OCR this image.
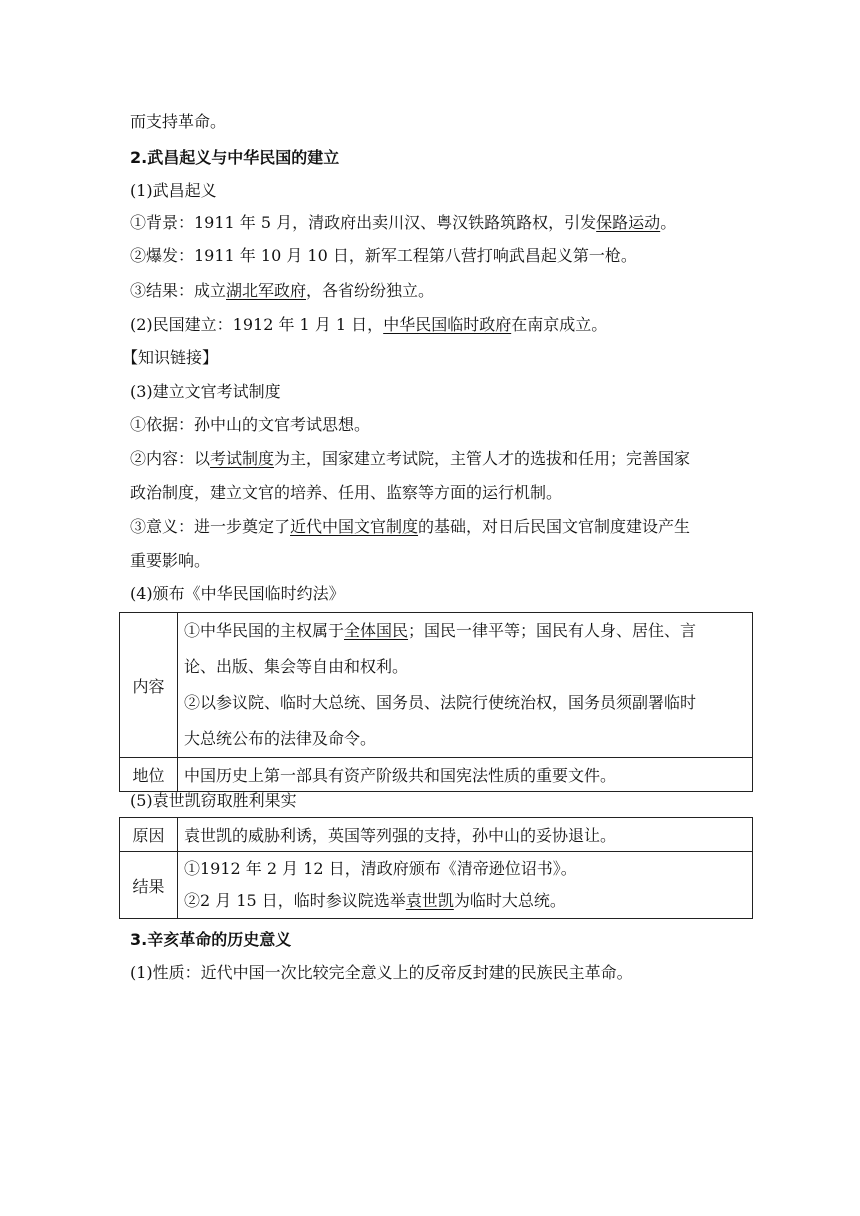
而支持革命。
2.武昌起义与中华民国的建立
(1)武昌起义
①背景：1911 年 5 月，清政府出卖川汉、粤汉铁路筑路权，引发保路运动。
②爆发：1911 年 10 月 10 日，新军工程第八营打响武昌起义第一枪。
③结果：成立湖北军政府，各省纷纷独立。
(2)民国建立：1912 年 1 月 1 日，中华民国临时政府在南京成立。
【知识链接】
(3)建立文官考试制度
①依据：孙中山的文官考试思想。
②内容：以考试制度为主，国家建立考试院，主管人才的选拔和任用；完善国家
政治制度，建立文官的培养、任用、监察等方面的运行机制。
③意义：进一步奠定了近代中国文官制度的基础，对日后民国文官制度建设产生
重要影响。
(4)颁布《中华民国临时约法》
内容	①中华民国的主权属于全体国民；国民一律平等；国民有人身、居住、言
论、出版、集会等自由和权利。
②以参议院、临时大总统、国务员、法院行使统治权，国务员须副署临时
大总统公布的法律及命令。

地位	中国历史上第一部具有资产阶级共和国宪法性质的重要文件。
(5)袁世凯窃取胜利果实
原因	袁世凯的威胁利诱，英国等列强的支持，孙中山的妥协退让。
结果	①1912 年 2 月 12 日，清政府颁布《清帝逊位诏书》。
②2 月 15 日，临时参议院选举袁世凯为临时大总统。
3.辛亥革命的历史意义
(1)性质：近代中国一次比较完全意义上的反帝反封建的民族民主革命。
